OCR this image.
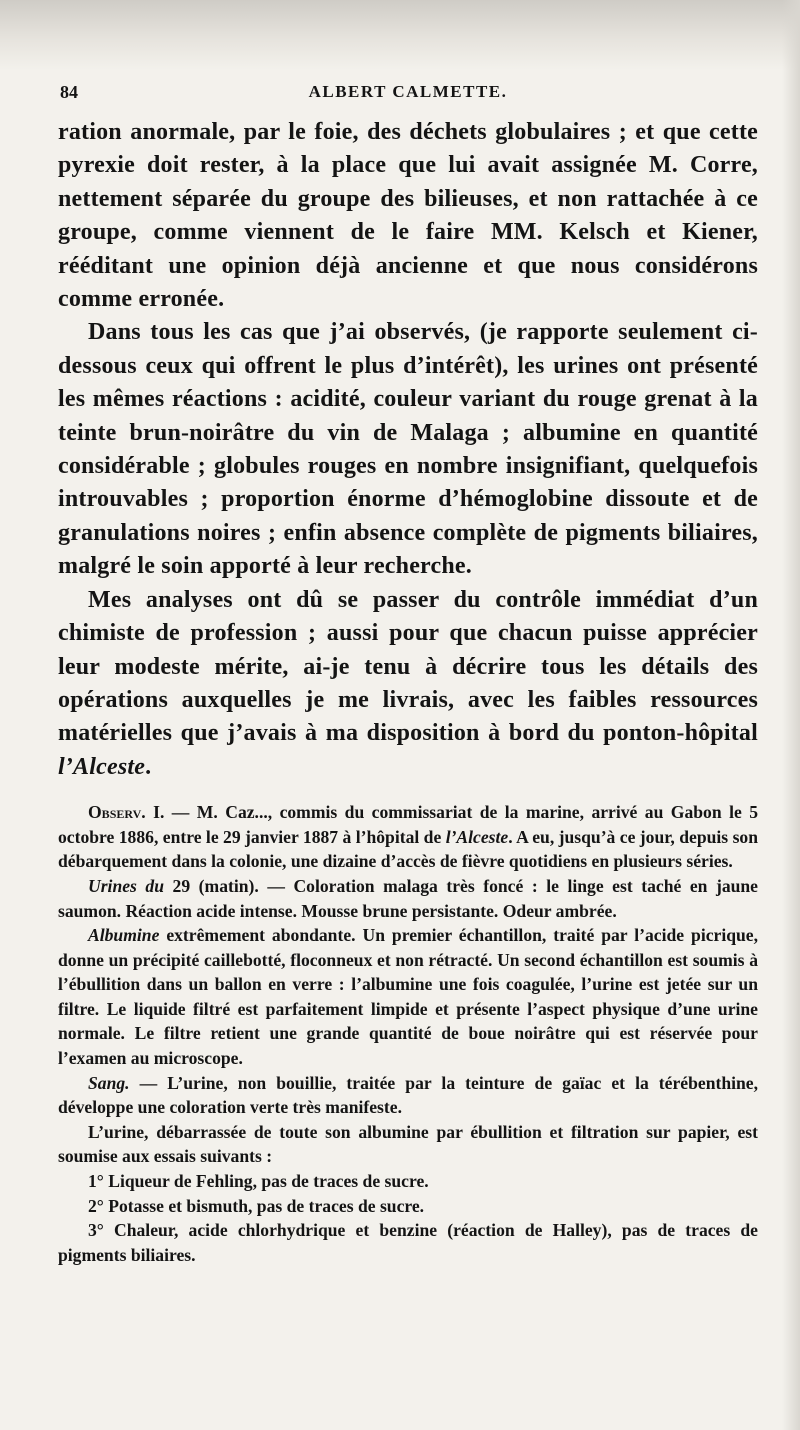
84	ALBERT CALMETTE.

ration anormale, par le foie, des déchets globulaires ; et que cette pyrexie doit rester, à la place que lui avait assignée M. Corre, nettement séparée du groupe des bilieuses, et non rattachée à ce groupe, comme viennent de le faire MM. Kelsch et Kiener, rééditant une opinion déjà ancienne et que nous considérons comme erronée.

Dans tous les cas que j’ai observés, (je rapporte seulement ci-dessous ceux qui offrent le plus d’intérêt), les urines ont présenté les mêmes réactions : acidité, couleur variant du rouge grenat à la teinte brun-noirâtre du vin de Malaga ; albumine en quantité considérable ; globules rouges en nombre insignifiant, quelquefois introuvables ; proportion énorme d’hémoglobine dissoute et de granulations noires ; enfin absence complète de pigments biliaires, malgré le soin apporté à leur recherche.

Mes analyses ont dû se passer du contrôle immédiat d’un chimiste de profession ; aussi pour que chacun puisse apprécier leur modeste mérite, ai-je tenu à décrire tous les détails des opérations auxquelles je me livrais, avec les faibles ressources matérielles que j’avais à ma disposition à bord du ponton-hôpital l’Alceste.

Observ. I. — M. Caz..., commis du commissariat de la marine, arrivé au Gabon le 5 octobre 1886, entre le 29 janvier 1887 à l’hôpital de l’Alceste. A eu, jusqu’à ce jour, depuis son débarquement dans la colonie, une dizaine d’accès de fièvre quotidiens en plusieurs séries.

Urines du 29 (matin). — Coloration malaga très foncé : le linge est taché en jaune saumon. Réaction acide intense. Mousse brune persistante. Odeur ambrée.

Albumine extrêmement abondante. Un premier échantillon, traité par l’acide picrique, donne un précipité caillebotté, floconneux et non rétracté. Un second échantillon est soumis à l’ébullition dans un ballon en verre : l’albumine une fois coagulée, l’urine est jetée sur un filtre. Le liquide filtré est parfaitement limpide et présente l’aspect physique d’une urine normale. Le filtre retient une grande quantité de boue noirâtre qui est réservée pour l’examen au microscope.

Sang. — L’urine, non bouillie, traitée par la teinture de gaïac et la térébenthine, développe une coloration verte très manifeste.

L’urine, débarrassée de toute son albumine par ébullition et filtration sur papier, est soumise aux essais suivants :

1° Liqueur de Fehling, pas de traces de sucre.

2° Potasse et bismuth, pas de traces de sucre.

3° Chaleur, acide chlorhydrique et benzine (réaction de Halley), pas de traces de pigments biliaires.
